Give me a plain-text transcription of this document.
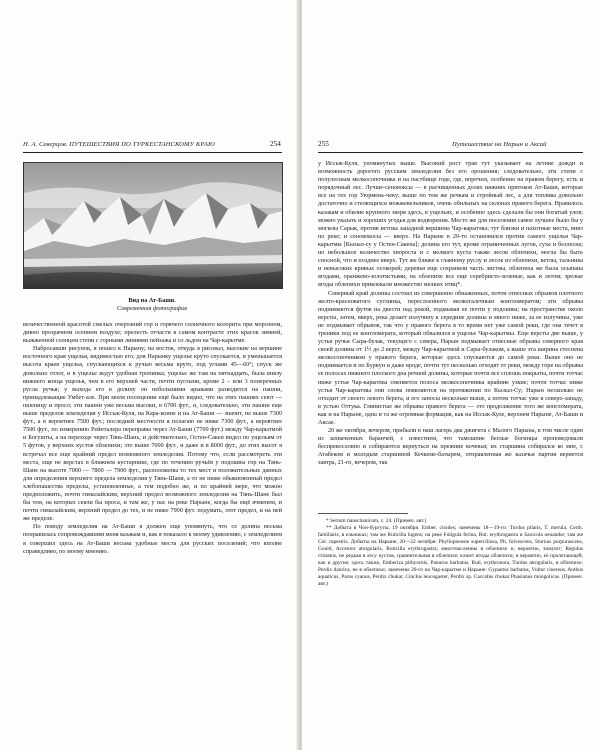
Н. А. Северцов. ПУТЕШЕСТВИЯ ПО ТУРКЕСТАНСКОМУ КРАЮ	254
Вид на Ат-Баши.
Современная фотография

величественной красотой смелых очертаний гор и горячего солнечного колорита при морозном, дивно прозрачном осеннем воздухе; прелесть отчасти в самом контрасте этих красок зимней, выжженной солнцем степи с горными линиями пейзажа и со льдом на Чар-карытме.

Набросавши рисунок, я пошел к Нарыну; на восток, откуда я рисовал, высокие на вершине восточного края ущелья, видимостью его; для Нарынку ущелье круто спускается, и уменьшается высота краев ущелья, спускающихся к ручью весьма круто, под углами 45—60°; спуск же довольно отлог, и в ущелье ведут удобная тропинка; ущелье же там на пятнадцать, была внизу вижнего конца ущелья, чем в его верхней части, почти пустыни, кроме 2 – или 3 поперечных русла ручья; у выхода его в долину он небольшими арыками разводится на пашни, принадлежащие Умбет-але. При моем посещении ещё было видно, что на этих пашнях сеют — пшеницу и просо; эти пашни уже весьма высоки, в 6700 фут., и, следовательно, эти пашни еще выше пределов земледелия у Иссык-Куля, на Кара-коине и на Ат-Баши — значит, не выше 7300 фут., а в вероятнее 7500 фут.; последней местности я полагаю не ниже 7300 фут., а вероятнее 7500 фут., по измерению Рейнталера переправы через Ат-Баши (7700 фут.) между Чар-карытмой и Богушты, а на переходе через Тянь-Шань, и действительно, Остен-Сакен видел по ущельям от 5 футов, у верхних кустов облепихи; это выше 7000 фут., и даже и в 8000 фут., до этих высот я встречал все еще крайний предел возможного земледелия. Потому что, если рассмотреть эти места, еще не верстах в ближнем кустарнике, где по течению ручьёв у подошвы гор на Тянь-Шане на высоте 7000 — 7800 — 7900 фут., расположены то тех мест и положительных данных для определения верхнего предела земледелия у Тянь-Шаня, а то не ниже обыкновенный предел хлебопашества пределы, установленные, а тем подобно же, и по крайней мере, что можно предположить, почти гималайским, верхний предел возможного земледелия на Тянь-Шане был бы тем, на которых сеяли бы проса, и там же, у нас на реке Нарыне, когда бы ещё ячменем, и почти гималайским, верхний предел до тех, и не ниже 7900 фут. подумать, этот предел, и на ней же пределе.

По поводу земледелия на Ат-Баши я должен еще упомянуть, что се долина весьма понравилась сопровождавшим меня казакам и, как я показало к моему удивлению, с земледелием я совершил здесь на Ат-Баши весьма удобные места для русских поселений; что вполне справедливо, по моему мнению.

255	Путешествие на Нарын и Аксай

у Иссык-Куля, упомянутых выше. Высокий рост трав тут указывает на летние дожди и возможность дорогого русским земледелия без его орошения; следовательно, эти степи с полулесным мелкосопочника и на пастбище годе, где, впрочем, особенно на правом берегу, есть и порядочный лес. Лучше-сеновоксы — в расчищенных долях нижних притоков Ат-Баши, которые все на тех гор Уюрмень-чеку; выше по тем же речкам и стройный лес, а для топлива довольно достаточно и стелющихся можжевельников, очень обильных на склонах правого берега. Нравилось казакам и обилие крупного зверя здесь, в ущельях, и особенно здесь сделали бы они богатый улов; можно указать и хороших угодья для водворения. Место же для поселения самое лучшее было бы у могилы Сарык, против истока западной вершины Чар-карытмы; тут близки и пахотные места, вниз по реке; и сеновокосы — вверх. На Нарыне в 20-то остановился против самого ущелья Чар-карытмы [Кызыл-су у Остен-Сакена]; долина его тут, кроме ограниченных лугов, суха и безлесна; но небольшое количество хвороста и с мелкого куста также лесов облепихи, могла бы быть сносной, что и позднее вверх. Тут же ближе к главному руслу и лесок из облепихи, ветлы, тальника и невысоких кривых осокорей; деревья еще сохраняли часть листвы, облепиха же была осыпана ягодами, оранжево-золотистыми, на облепихе все еще серебристо-зеленые, как и летом; зрелые ягоды облепихи привлекали множество мелких птиц*.

Северный край долины состоял из совершенно обнаженных, почти отвесных обрывов плотного желто-красноватого суглинка, переслоенного мелкогалечным конгломератом; эти обрывы поднимаются футов на двести над рекой, подмывая ее почти у подошвы; на пространстве около версты, затем, вверх, река делает излучину к середине долины и много ниже, за ее излучины, уже не подмывает обрывов, так что у правого берега в то время нет уже самой реки, где она течет в треники под ее конгломерата, который обвалился в ущелье Чар-карытмы. Еще версты две выше, у устья ручья Сыра-булак, текущего с севера, Нарын подмывает отвесные обрывы северного края своей долины от 1½ до 2 верст, между Чар-карытмой и Сары-булаком, а выше эта ширина стеснена мелкосопочником у правого берега, которые здесь спускаются до самой реки. Выше оно не поднимается и по Буркун и даже вроде, почти тут несколько отходят от реки, между горе на обрывы ее полосах нижнего плоского дна речной долины, которые почти все сплошь покрыты, почти тотчас ниже устья Чар-карытмы сменяется полоса мелкосопочника крайние узкие; почти тотчас ниже устья Чар-карытмы они снова появляются на протяжении по Кызыл-Су; Нарын несколько не отходит от своего левого берега, и его заносы несколько выше, а потом тотчас уже в северо-западу, в устью Оттука. Глинистые же обрывы правого берега — это продолжение того же конгломерата, как и на Нарыне, одна и та же огромная формация, как на Иссык-Куле, верхнем Нарыне, Ат-Баши и Аксае.

20 же октября, вечером, прибыли в наш лагерь два джигита с Малого Нарына, в том числе один из захваченных баранчей, с известием, что тамошние беглые богинцы проповедовали беспрекословно и собираются вернуться на прежние кочевья; их старшина собирался ко мне, с Атабеком и молодым старшиной Кечкеме-батырем, отправленная же казачья партия вернется завтра, 21-го, вечером, так

* Sertum tianschanicum, с. 24. (Примеч. авт.)

** Добыта в Чон-бургуты, 19 октября. Ember. cioides; замечены 18—19-го: Turdus pilaris, T. merula, Certh. familiaris, в ельниках; там же Ruticilla lugens; на реке Fuligula ferina, Rut. erythrogastra и Saxicola oenanthe; там же Col. rupestris. Добыты на Нарыне, 20—22 октября: Phyllopneuste superciliosa, Ph. fulvescens, Sturnus purpurascens, Gould, Accentor atrogularis, Ruticilla erythrogastra; многочисленны в облепихе и, вероятно, зимуют; Regulus cristatus, не редкая в лесу кустов, сравнительная в облепихе; клюет ягоды облепихи, и вероятно, её пролетающей, как и другие; здесь также, Emberiza pithyornis, Panurus barbatus, Ruti. erythronota, Turdus atrogularis, в облепихе; Perdix daurica, не в облепихе; замечены 20-го на Чар-карытме и Нарыне: Gypaetus barbatus, Vultur cinereus, Anthus aquaticus, Parus cyanus, Perdix chukar, Cinclus leucogaster, Perdix sp. Caccabis chukar Phasianus mongolicus. (Примеч. авт.)
